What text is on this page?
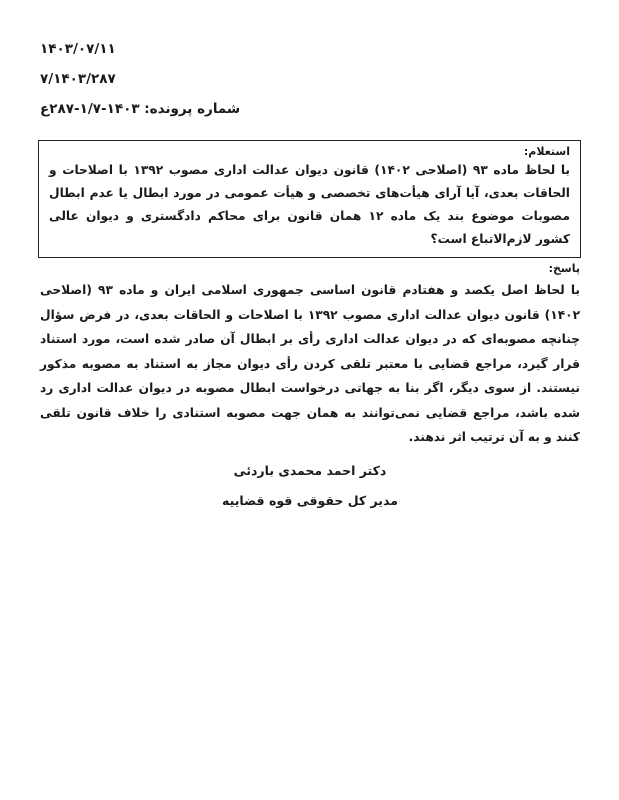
۱۴۰۳/۰۷/۱۱
۷/۱۴۰۳/۲۸۷
شماره پرونده: ۱۴۰۳-۱/۷-۲۸۷ع
استعلام:
با لحاظ ماده ۹۳ (اصلاحی ۱۴۰۲) قانون دیوان عدالت اداری مصوب ۱۳۹۲ با اصلاحات و الحاقات بعدی، آیا آرای هیأت‌های تخصصی و هیأت عمومی در مورد ابطال یا عدم ابطال مصوبات موضوع بند یک ماده ۱۲ همان قانون برای محاکم دادگستری و دیوان عالی کشور لازم‌الاتباع است؟
پاسخ:
با لحاظ اصل یکصد و هفتادم قانون اساسی جمهوری اسلامی ایران و ماده ۹۳ (اصلاحی ۱۴۰۲) قانون دیوان عدالت اداری مصوب ۱۳۹۲ با اصلاحات و الحاقات بعدی، در فرض سؤال چنانچه مصوبه‌ای که در دیوان عدالت اداری رأی بر ابطال آن صادر شده است، مورد استناد قرار گیرد، مراجع قضایی با معتبر تلقی کردن رأی دیوان مجاز به استناد به مصوبه مذکور نیستند. از سوی دیگر، اگر بنا به جهاتی درخواست ابطال مصوبه در دیوان عدالت اداری رد شده باشد، مراجع قضایی نمی‌توانند به همان جهت مصوبه استنادی را خلاف قانون تلقی کنند و به آن ترتیب اثر ندهند.
دکتر احمد محمدی باردئی
مدیر کل حقوقی قوه قضاییه
